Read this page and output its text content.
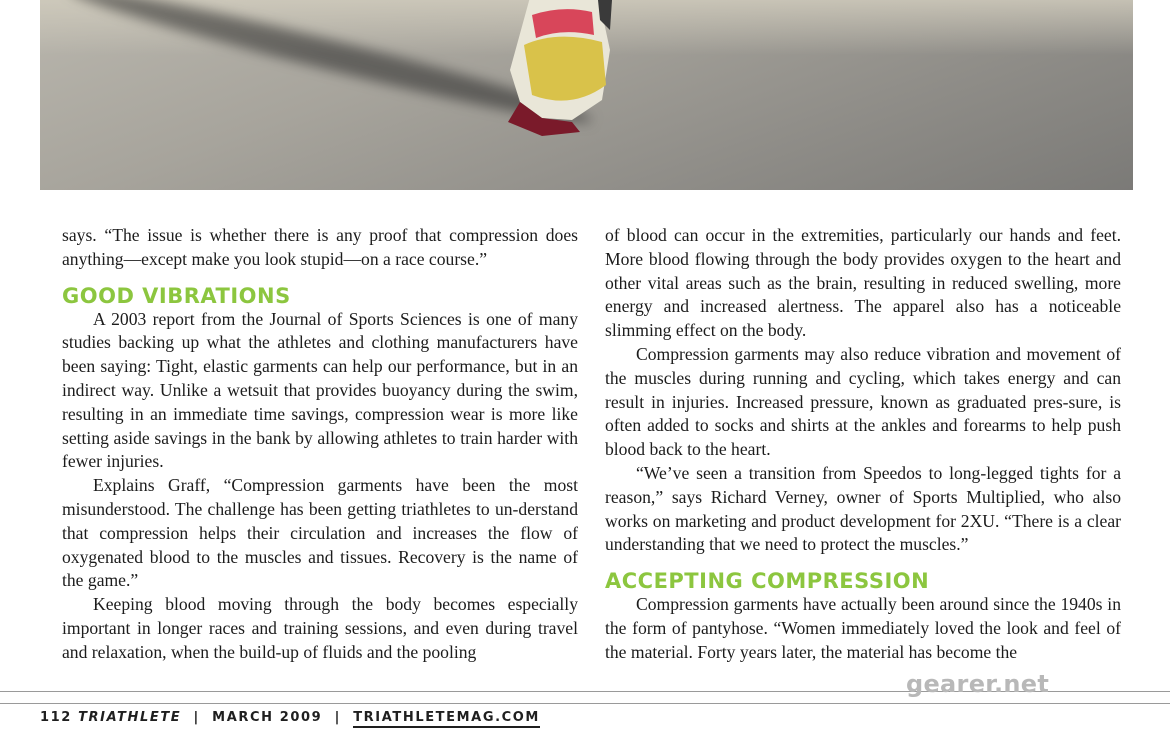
says. “The issue is whether there is any proof that compression does anything—except make you look stupid—on a race course.”

GOOD VIBRATIONS

A 2003 report from the Journal of Sports Sciences is one of many studies backing up what the athletes and clothing manufacturers have been saying: Tight, elastic garments can help our performance, but in an indirect way. Unlike a wetsuit that provides buoyancy during the swim, resulting in an immediate time savings, compression wear is more like setting aside savings in the bank by allowing athletes to train harder with fewer injuries.

Explains Graff, “Compression garments have been the most misunderstood. The challenge has been getting triathletes to un-derstand that compression helps their circulation and increases the flow of oxygenated blood to the muscles and tissues. Recovery is the name of the game.”

Keeping blood moving through the body becomes especially important in longer races and training sessions, and even during travel and relaxation, when the build-up of fluids and the pooling

of blood can occur in the extremities, particularly our hands and feet. More blood flowing through the body provides oxygen to the heart and other vital areas such as the brain, resulting in reduced swelling, more energy and increased alertness. The apparel also has a noticeable slimming effect on the body.

Compression garments may also reduce vibration and movement of the muscles during running and cycling, which takes energy and can result in injuries. Increased pressure, known as graduated pres-sure, is often added to socks and shirts at the ankles and forearms to help push blood back to the heart.

“We’ve seen a transition from Speedos to long-legged tights for a reason,” says Richard Verney, owner of Sports Multiplied, who also works on marketing and product development for 2XU. “There is a clear understanding that we need to protect the muscles.”

ACCEPTING COMPRESSION

Compression garments have actually been around since the 1940s in the form of pantyhose. “Women immediately loved the look and feel of the material. Forty years later, the material has become the

112 TRIATHLETE | MARCH 2009 | TRIATHLETEMAG.COM
gearer.net
